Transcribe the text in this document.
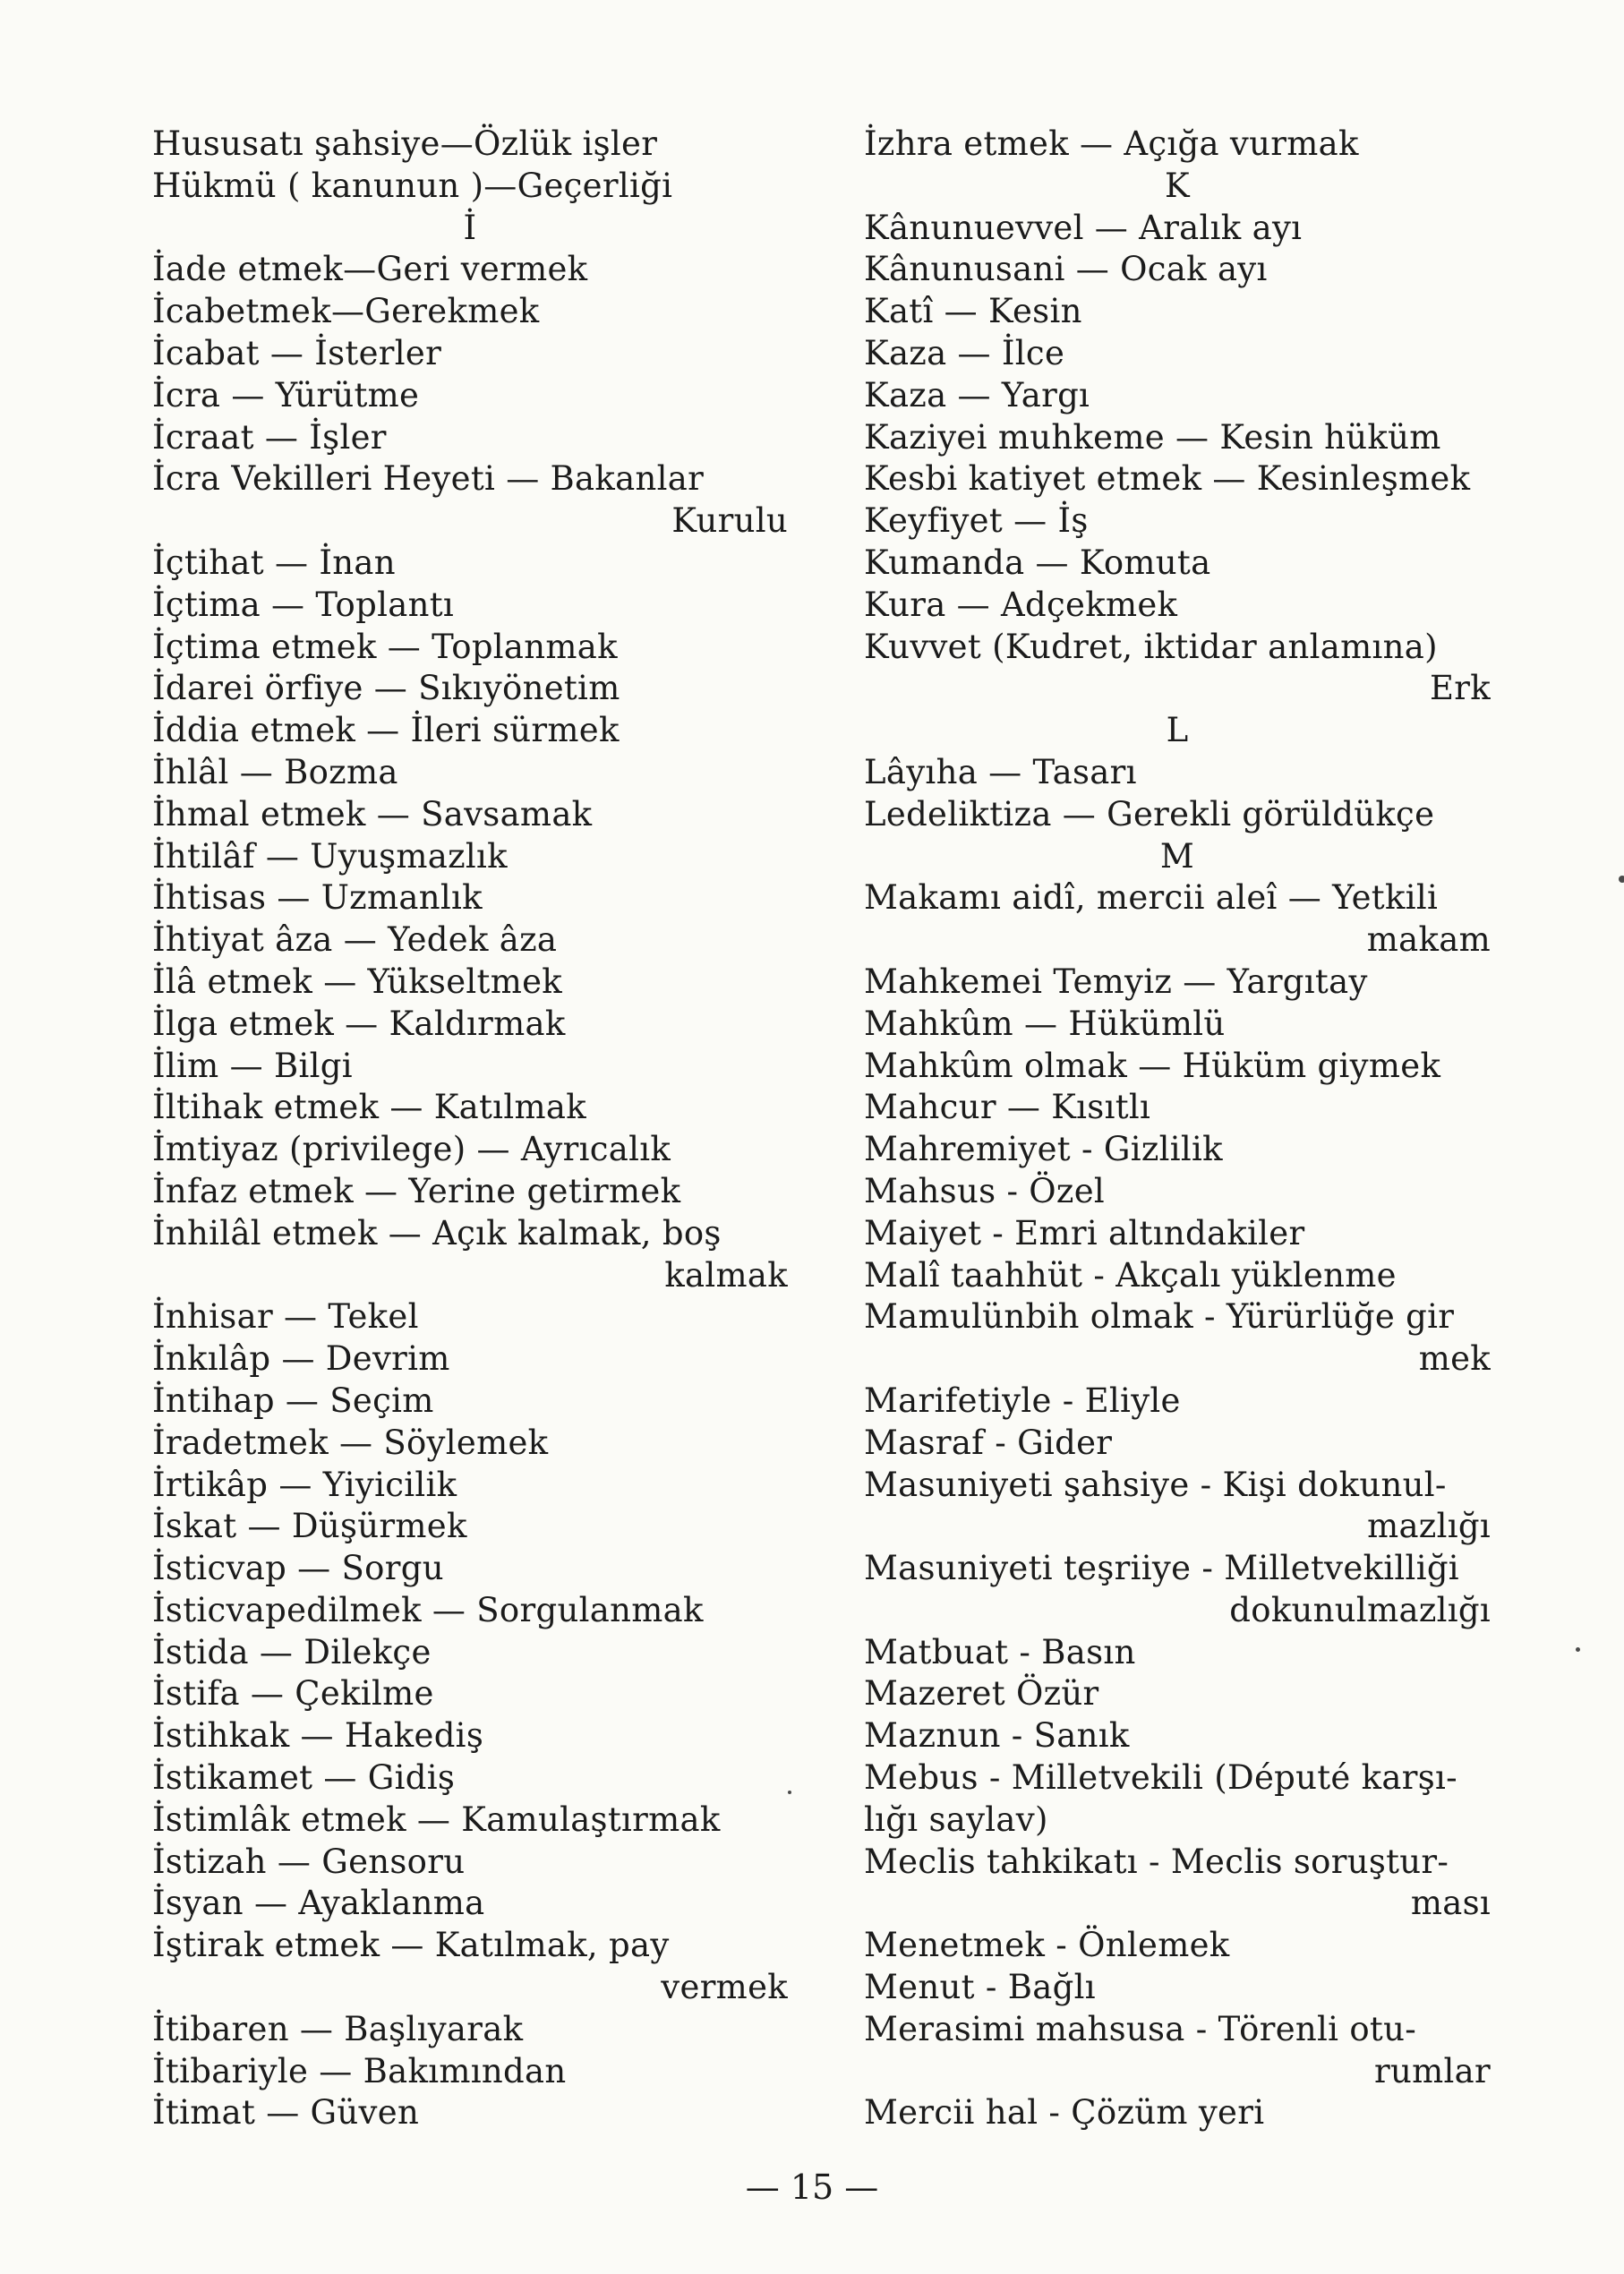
Hususatı şahsiye—Özlük işler
Hükmü ( kanunun )—Geçerliği
İ
İade etmek—Geri vermek
İcabetmek—Gerekmek
İcabat — İsterler
İcra — Yürütme
İcraat — İşler
İcra Vekilleri Heyeti — Bakanlar
Kurulu
İçtihat — İnan
İçtima — Toplantı
İçtima etmek — Toplanmak
İdarei örfiye — Sıkıyönetim
İddia etmek — İleri sürmek
İhlâl — Bozma
İhmal etmek — Savsamak
İhtilâf — Uyuşmazlık
İhtisas — Uzmanlık
İhtiyat âza — Yedek âza
İlâ etmek — Yükseltmek
İlga etmek — Kaldırmak
İlim — Bilgi
İltihak etmek — Katılmak
İmtiyaz (privilege) — Ayrıcalık
İnfaz etmek — Yerine getirmek
İnhilâl etmek — Açık kalmak, boş
kalmak
İnhisar — Tekel
İnkılâp — Devrim
İntihap — Seçim
İradetmek — Söylemek
İrtikâp — Yiyicilik
İskat — Düşürmek
İsticvap — Sorgu
İsticvapedilmek — Sorgulanmak
İstida — Dilekçe
İstifa — Çekilme
İstihkak — Hakediş
İstikamet — Gidiş
İstimlâk etmek — Kamulaştırmak
İstizah — Gensoru
İsyan — Ayaklanma
İştirak etmek — Katılmak, pay
vermek
İtibaren — Başlıyarak
İtibariyle — Bakımından
İtimat — Güven
İzhra etmek — Açığa vurmak
K
Kânunuevvel — Aralık ayı
Kânunusani — Ocak ayı
Katî — Kesin
Kaza — İlce
Kaza — Yargı
Kaziyei muhkeme — Kesin hüküm
Kesbi katiyet etmek — Kesinleşmek
Keyfiyet — İş
Kumanda — Komuta
Kura — Adçekmek
Kuvvet (Kudret, iktidar anlamına)
Erk
L
Lâyıha — Tasarı
Ledeliktiza — Gerekli görüldükçe
M
Makamı aidî, mercii aleî — Yetkili
makam
Mahkemei Temyiz — Yargıtay
Mahkûm — Hükümlü
Mahkûm olmak — Hüküm giymek
Mahcur — Kısıtlı
Mahremiyet - Gizlilik
Mahsus - Özel
Maiyet - Emri altındakiler
Malî taahhüt - Akçalı yüklenme
Mamulünbih olmak - Yürürlüğe gir
mek
Marifetiyle - Eliyle
Masraf - Gider
Masuniyeti şahsiye - Kişi dokunul-
mazlığı
Masuniyeti teşriiye - Milletvekilliği
dokunulmazlığı
Matbuat - Basın
Mazeret Özür
Maznun - Sanık
Mebus - Milletvekili (Député karşı-
lığı saylav)
Meclis tahkikatı - Meclis soruştur-
ması
Menetmek - Önlemek
Menut - Bağlı
Merasimi mahsusa - Törenli otu-
rumlar
Mercii hal - Çözüm yeri
— 15 —
